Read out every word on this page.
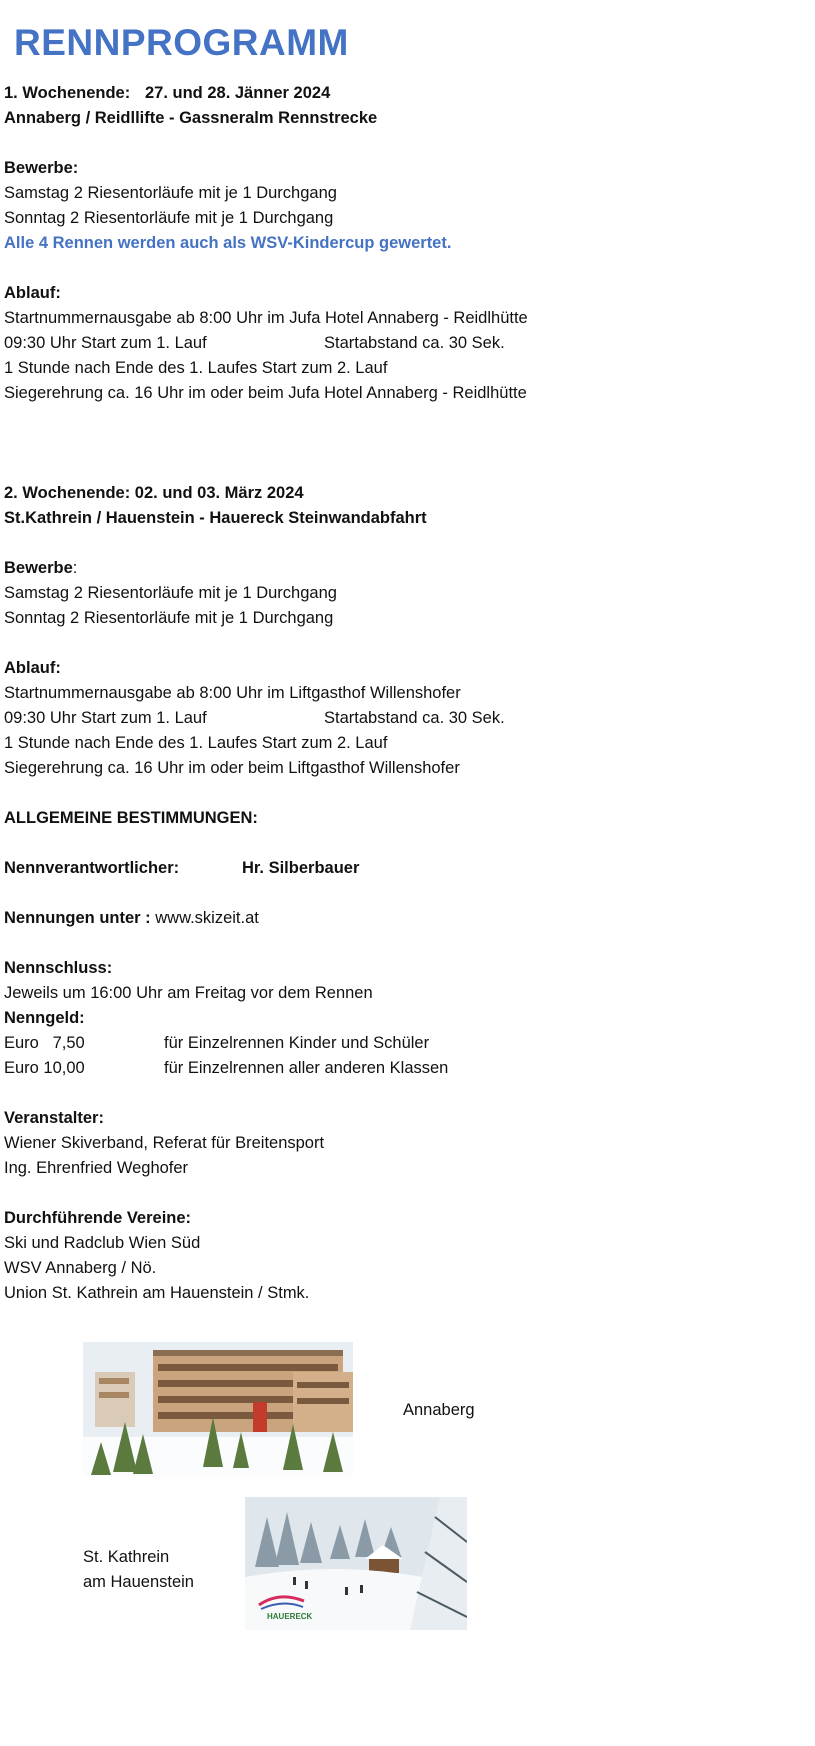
RENNPROGRAMM
1. Wochenende: 27. und 28. Jänner 2024
Annaberg / Reidllifte - Gassneralm Rennstrecke
Bewerbe:
Samstag 2 Riesentorläufe mit je 1 Durchgang
Sonntag 2 Riesentorläufe mit je 1 Durchgang
Alle 4 Rennen werden auch als WSV-Kindercup gewertet.
Ablauf:
Startnummernausgabe ab 8:00 Uhr im Jufa Hotel Annaberg - Reidlhütte
09:30 Uhr Start zum 1. Lauf	Startabstand ca. 30 Sek.
1 Stunde nach Ende des 1. Laufes Start zum 2. Lauf
Siegerehrung ca. 16 Uhr im oder beim Jufa Hotel Annaberg - Reidlhütte
2. Wochenende: 02. und 03. März 2024
St.Kathrein / Hauenstein - Hauereck Steinwandabfahrt
Bewerbe:
Samstag 2 Riesentorläufe mit je 1 Durchgang
Sonntag 2 Riesentorläufe mit je 1 Durchgang
Ablauf:
Startnummernausgabe ab 8:00 Uhr im Liftgasthof Willenshofer
09:30 Uhr Start zum 1. Lauf	Startabstand ca. 30 Sek.
1 Stunde nach Ende des 1. Laufes Start zum 2. Lauf
Siegerehrung ca. 16 Uhr im oder beim Liftgasthof Willenshofer
ALLGEMEINE BESTIMMUNGEN:
Nennverantwortlicher:	Hr. Silberbauer
Nennungen unter : www.skizeit.at
Nennschluss:
Jeweils um 16:00 Uhr am Freitag vor dem Rennen
Nenngeld:
Euro   7,50	für Einzelrennen Kinder und Schüler
Euro 10,00	für Einzelrennen aller anderen Klassen
Veranstalter:
Wiener Skiverband, Referat für Breitensport
Ing. Ehrenfried Weghofer
Durchführende Vereine:
Ski und Radclub Wien Süd
WSV Annaberg / Nö.
Union St. Kathrein am Hauenstein / Stmk.
Annaberg
St. Kathrein
am Hauenstein
HAUERECK
